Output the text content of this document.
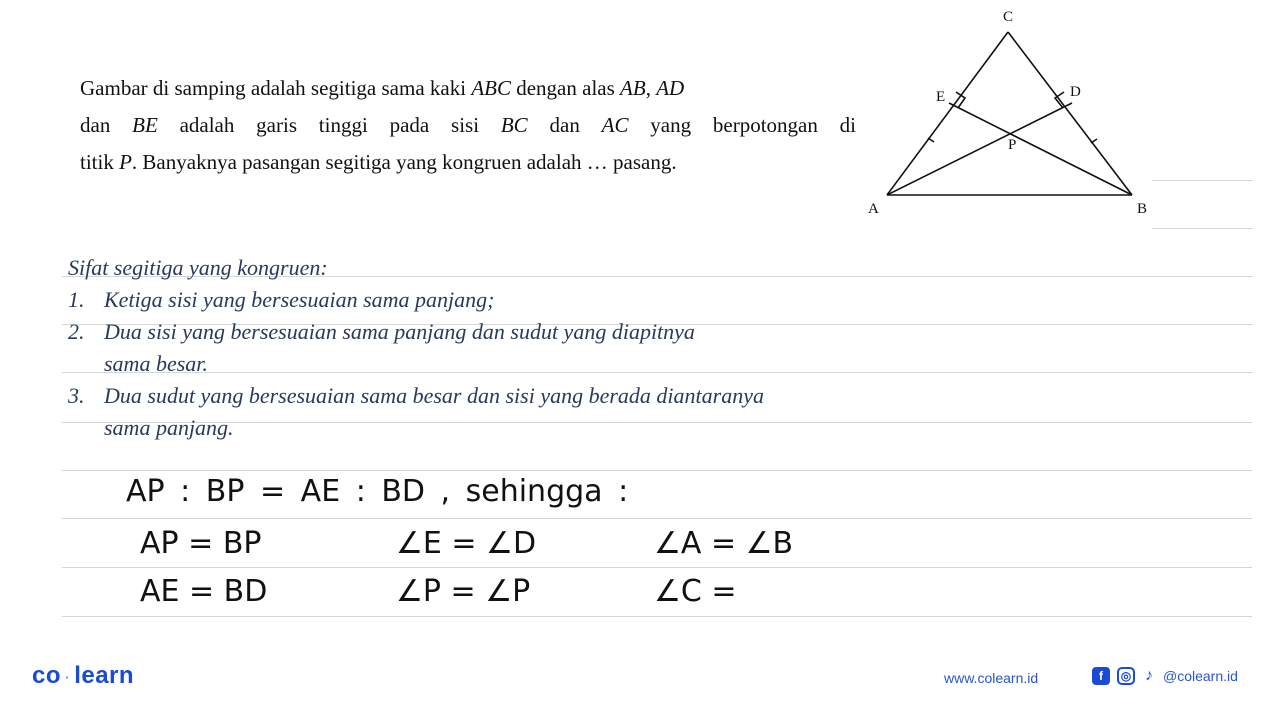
Gambar di samping adalah segitiga sama kaki ABC dengan alas AB, AD
dan BE adalah garis tinggi pada sisi BC dan AC yang berpotongan di
titik P. Banyaknya pasangan segitiga yang kongruen adalah … pasang.
C
E	D
P
A	B
Sifat segitiga yang kongruen:
1. Ketiga sisi yang bersesuaian sama panjang;
2. Dua sisi yang bersesuaian sama panjang dan sudut yang diapitnya sama besar.
3. Dua sudut yang bersesuaian sama besar dan sisi yang berada diantaranya sama panjang.
AP : BP = AE : BD , sehingga :
AP = BP	∠E = ∠D	∠A = ∠B
AE = BD	∠P = ∠P	∠C =
co · learn	www.colearn.id	f	◎ ♪ @colearn.id
